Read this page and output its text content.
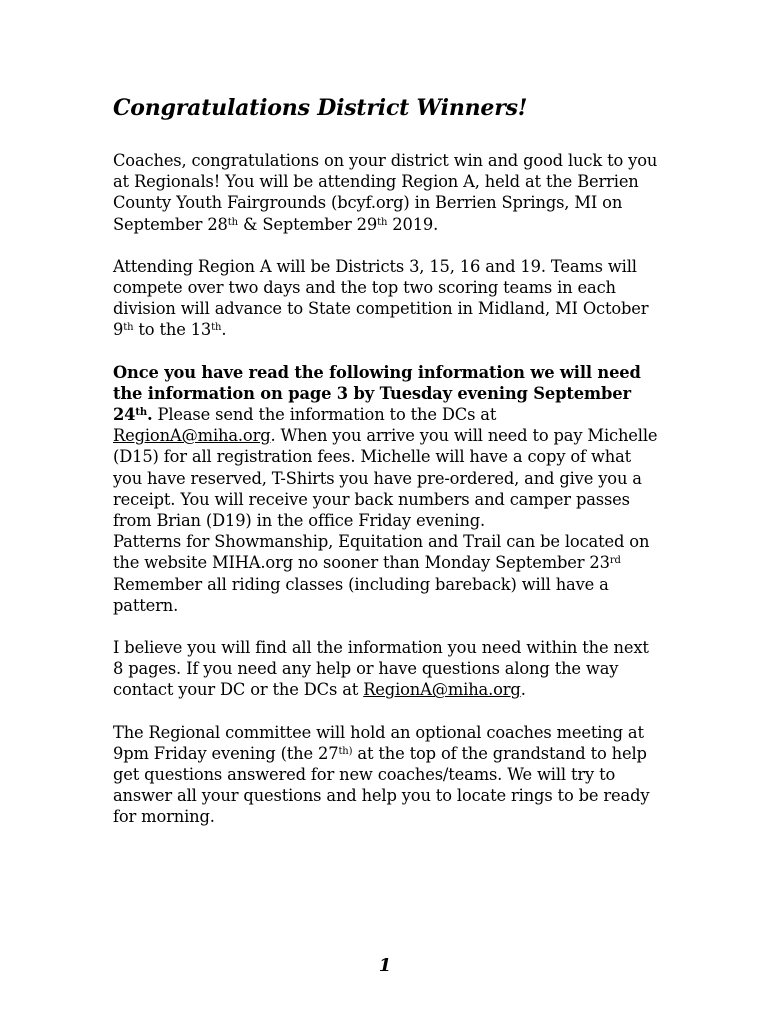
Congratulations District Winners!

Coaches, congratulations on your district win and good luck to you at Regionals! You will be attending Region A, held at the Berrien County Youth Fairgrounds (bcyf.org) in Berrien Springs, MI on September 28th & September 29th 2019.

Attending Region A will be Districts 3, 15, 16 and 19. Teams will compete over two days and the top two scoring teams in each division will advance to State competition in Midland, MI October 9th to the 13th.

Once you have read the following information we will need the information on page 3 by Tuesday evening September 24th. Please send the information to the DCs at RegionA@miha.org. When you arrive you will need to pay Michelle (D15) for all registration fees. Michelle will have a copy of what you have reserved, T-Shirts you have pre-ordered, and give you a receipt. You will receive your back numbers and camper passes from Brian (D19) in the office Friday evening.

Patterns for Showmanship, Equitation and Trail can be located on the website MIHA.org no sooner than Monday September 23rd Remember all riding classes (including bareback) will have a pattern.

I believe you will find all the information you need within the next 8 pages. If you need any help or have questions along the way contact your DC or the DCs at RegionA@miha.org.

The Regional committee will hold an optional coaches meeting at 9pm Friday evening (the $27^{th)}$ at the top of the grandstand to help get questions answered for new coaches/teams. We will try to answer all your questions and help you to locate rings to be ready for morning.

1
